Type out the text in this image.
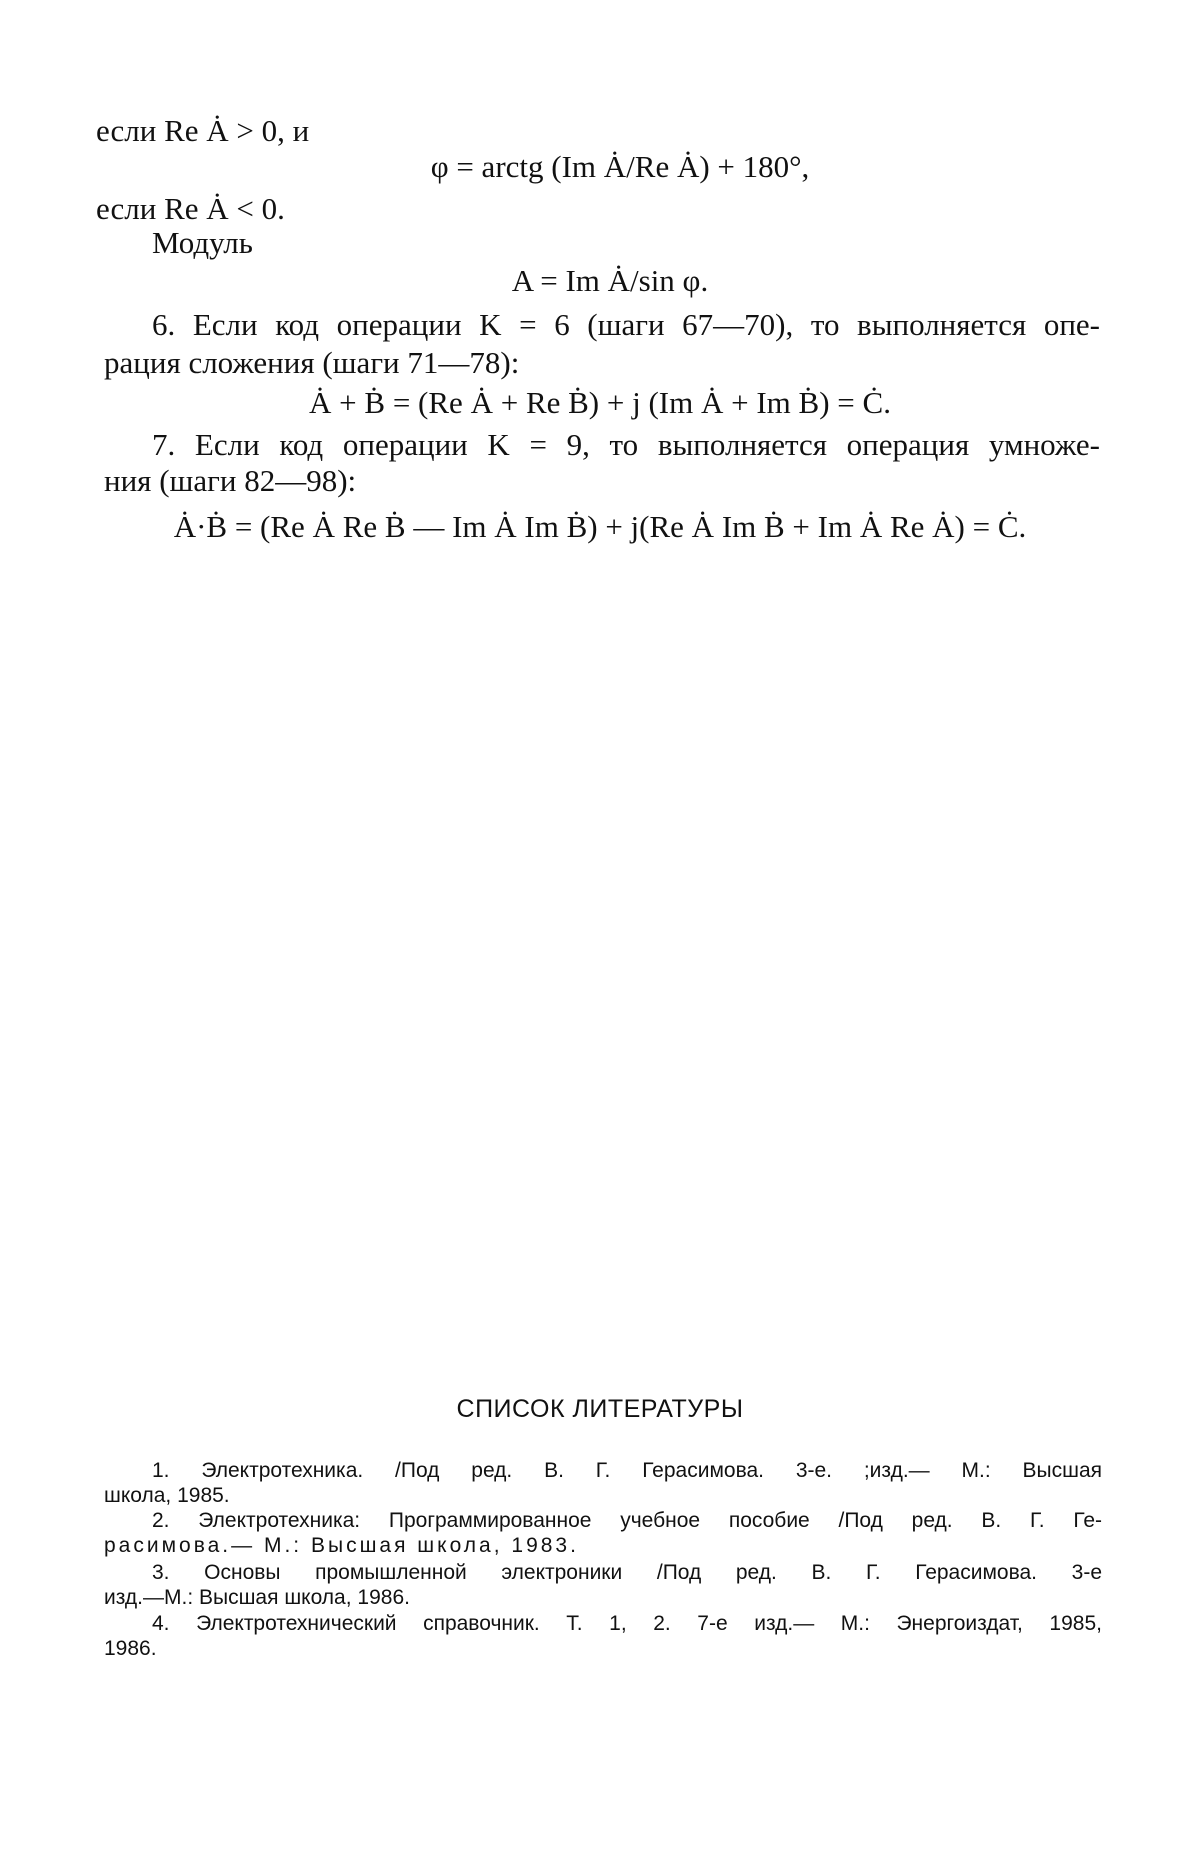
если Re Ȧ > 0, и
φ = arctg (Im Ȧ/Re Ȧ) + 180°,
если Re Ȧ < 0.
Модуль
A = Im Ȧ/sin φ.
6. Если код операции K = 6 (шаги 67—70), то выполняется опе-
рация сложения (шаги 71—78):
Ȧ + Ḃ = (Re Ȧ + Re Ḃ) + j (Im Ȧ + Im Ḃ) = Ċ.
7. Если код операции K = 9, то выполняется операция умноже-
ния (шаги 82—98):
Ȧ·Ḃ = (Re Ȧ Re Ḃ — Im Ȧ Im Ḃ) + j(Re Ȧ Im Ḃ + Im Ȧ Re Ȧ) = Ċ.
СПИСОК ЛИТЕРАТУРЫ
1. Электротехника. /Под ред. В. Г. Герасимова. 3-е. ;изд.— М.: Высшая
школа, 1985.
2. Электротехника: Программированное учебное пособие /Под ред. В. Г. Ге-
расимова.— М.: Высшая школа, 1983.
3. Основы промышленной электроники /Под ред. В. Г. Герасимова. 3-е
изд.—М.: Высшая школа, 1986.
4. Электротехнический справочник. Т. 1, 2. 7-е изд.— М.: Энергоиздат, 1985,
1986.
